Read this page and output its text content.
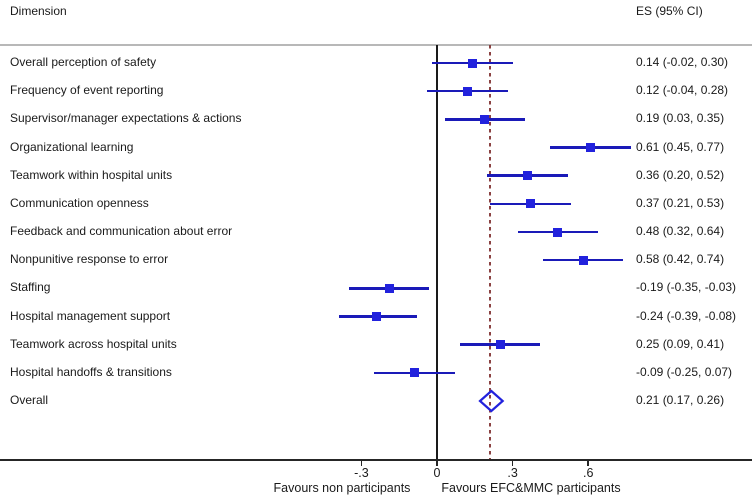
Dimension	ES (95% CI)
Overall perception of safety	0.14 (-0.02, 0.30)
Frequency of event reporting	0.12 (-0.04, 0.28)
Supervisor/manager expectations & actions	0.19 (0.03, 0.35)
Organizational learning	0.61 (0.45, 0.77)
Teamwork within hospital units	0.36 (0.20, 0.52)
Communication openness	0.37 (0.21, 0.53)
Feedback and communication about error	0.48 (0.32, 0.64)
Nonpunitive response to error	0.58 (0.42, 0.74)
Staffing	-0.19 (-0.35, -0.03)
Hospital management support	-0.24 (-0.39, -0.08)
Teamwork across hospital units	0.25 (0.09, 0.41)
Hospital handoffs & transitions	-0.09 (-0.25, 0.07)
Overall	0.21 (0.17, 0.26)
-.3	0	.3	.6
Favours non participants	Favours EFC&MMC participants
